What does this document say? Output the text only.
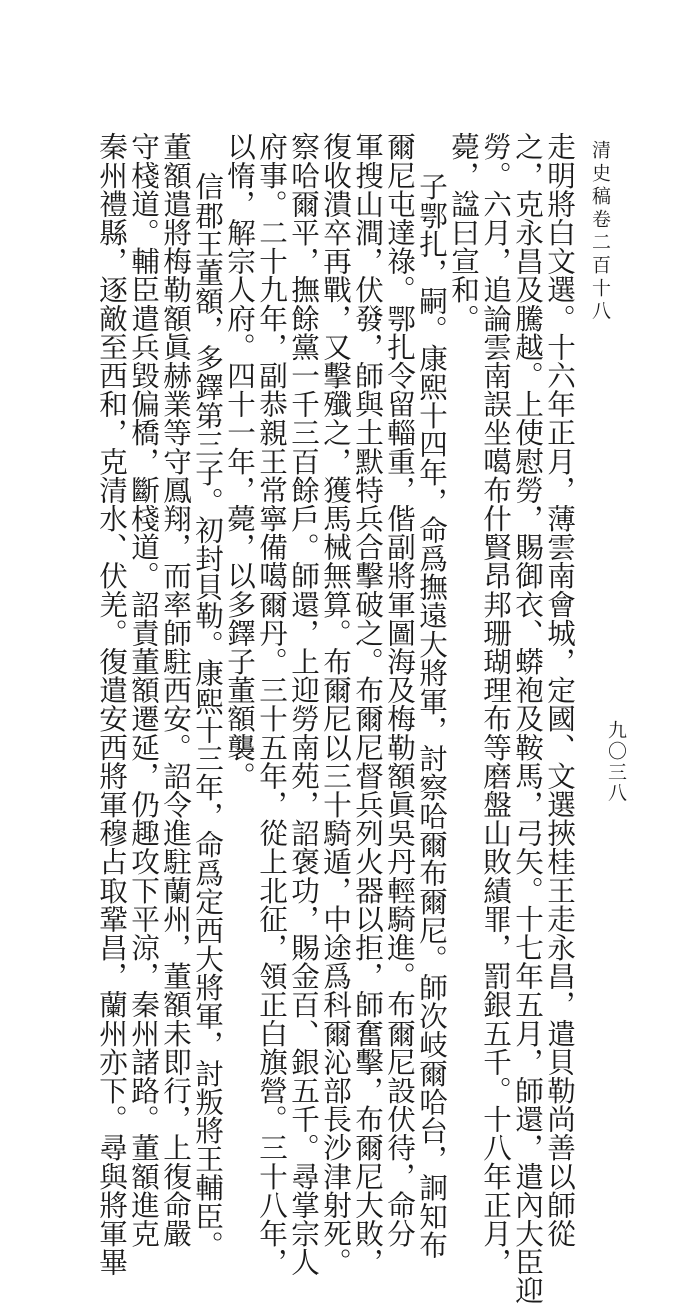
清史稿卷二百十八
走明將白文選。十六年正月，薄雲南會城，定國、文選挾桂王走永昌，遣貝勒尚善以師從
之，克永昌及騰越。上使慰勞，賜御衣、蟒袍及鞍馬，弓矢。十七年五月，師還，遣內大臣迎
勞。六月，追論雲南誤坐噶布什賢昂邦珊瑚理布等磨盤山敗績罪，罰銀五千。十八年正月，
薨，諡曰宣和。
子鄂扎，嗣。康熙十四年，命爲撫遠大將軍，討察哈爾布爾尼。師次岐爾哈台，詗知布
爾尼屯達祿。鄂扎令留輜重，偕副將軍圖海及梅勒額眞吳丹輕騎進。布爾尼設伏待，命分
軍搜山澗，伏發，師與土默特兵合擊破之。布爾尼督兵列火器以拒，師奮擊，布爾尼大敗，
復收潰卒再戰，又擊殲之，獲馬械無算。布爾尼以三十騎遁，中途爲科爾沁部長沙津射死。
察哈爾平，撫餘黨一千三百餘戶。師還，上迎勞南苑，詔褒功，賜金百、銀五千。尋掌宗人
府事。二十九年，副恭親王常寧備噶爾丹。三十五年，從上北征，領正白旗營。三十八年，
以惰，解宗人府。四十一年，薨，以多鐸子董額襲。
信郡王董額，多鐸第三子。初封貝勒。康熙十三年，命爲定西大將軍，討叛將王輔臣。
董額遣將梅勒額眞赫業等守鳳翔，而率師駐西安。詔令進駐蘭州，董額未即行，上復命嚴
守棧道。輔臣遣兵毀偏橋，斷棧道。詔責董額遷延，仍趣攻下平涼，秦州諸路。董額進克
秦州禮縣，逐敵至西和，克清水、伏羌。復遣安西將軍穆占取鞏昌，蘭州亦下。尋與將軍畢	九〇三八
